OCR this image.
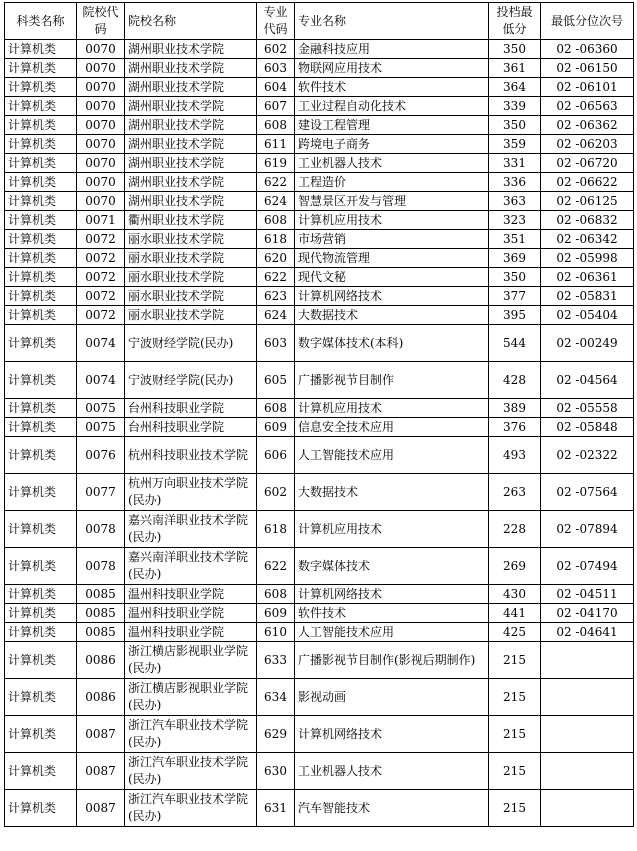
科类名称	院校代码	院校名称	专业代码	专业名称	投档最低分	最低分位次号
计算机类	0070	湖州职业技术学院	602	金融科技应用	350	02 -06360
计算机类	0070	湖州职业技术学院	603	物联网应用技术	361	02 -06150
计算机类	0070	湖州职业技术学院	604	软件技术	364	02 -06101
计算机类	0070	湖州职业技术学院	607	工业过程自动化技术	339	02 -06563
计算机类	0070	湖州职业技术学院	608	建设工程管理	350	02 -06362
计算机类	0070	湖州职业技术学院	611	跨境电子商务	359	02 -06203
计算机类	0070	湖州职业技术学院	619	工业机器人技术	331	02 -06720
计算机类	0070	湖州职业技术学院	622	工程造价	336	02 -06622
计算机类	0070	湖州职业技术学院	624	智慧景区开发与管理	363	02 -06125
计算机类	0071	衢州职业技术学院	608	计算机应用技术	323	02 -06832
计算机类	0072	丽水职业技术学院	618	市场营销	351	02 -06342
计算机类	0072	丽水职业技术学院	620	现代物流管理	369	02 -05998
计算机类	0072	丽水职业技术学院	622	现代文秘	350	02 -06361
计算机类	0072	丽水职业技术学院	623	计算机网络技术	377	02 -05831
计算机类	0072	丽水职业技术学院	624	大数据技术	395	02 -05404
计算机类	0074	宁波财经学院(民办)	603	数字媒体技术(本科)	544	02 -00249
计算机类	0074	宁波财经学院(民办)	605	广播影视节目制作	428	02 -04564
计算机类	0075	台州科技职业学院	608	计算机应用技术	389	02 -05558
计算机类	0075	台州科技职业学院	609	信息安全技术应用	376	02 -05848
计算机类	0076	杭州科技职业技术学院	606	人工智能技术应用	493	02 -02322
计算机类	0077	杭州万向职业技术学院(民办)	602	大数据技术	263	02 -07564
计算机类	0078	嘉兴南洋职业技术学院(民办)	618	计算机应用技术	228	02 -07894
计算机类	0078	嘉兴南洋职业技术学院(民办)	622	数字媒体技术	269	02 -07494
计算机类	0085	温州科技职业学院	608	计算机网络技术	430	02 -04511
计算机类	0085	温州科技职业学院	609	软件技术	441	02 -04170
计算机类	0085	温州科技职业学院	610	人工智能技术应用	425	02 -04641
计算机类	0086	浙江横店影视职业学院(民办)	633	广播影视节目制作(影视后期制作)	215	
计算机类	0086	浙江横店影视职业学院(民办)	634	影视动画	215	
计算机类	0087	浙江汽车职业技术学院(民办)	629	计算机网络技术	215	
计算机类	0087	浙江汽车职业技术学院(民办)	630	工业机器人技术	215	
计算机类	0087	浙江汽车职业技术学院(民办)	631	汽车智能技术	215	
